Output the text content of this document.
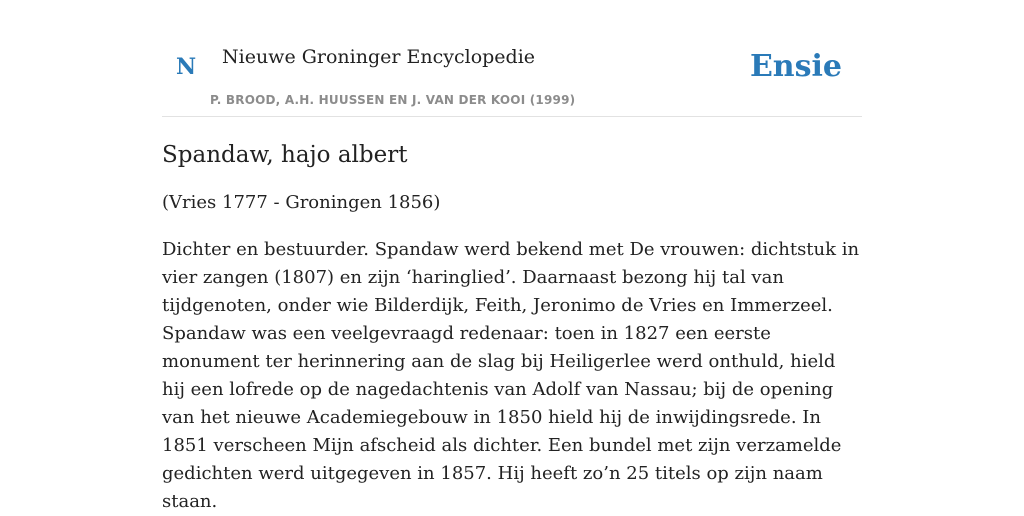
N Nieuwe Groninger Encyclopedie
P. BROOD, A.H. HUUSSEN EN J. VAN DER KOOI (1999)
Ensie
Spandaw, hajo albert

(Vries 1777 - Groningen 1856)

Dichter en bestuurder. Spandaw werd bekend met De vrouwen: dichtstuk in vier zangen (1807) en zijn ‘haringlied’. Daarnaast bezong hij tal van tijdgenoten, onder wie Bilderdijk, Feith, Jeronimo de Vries en Immerzeel. Spandaw was een veelgevraagd redenaar: toen in 1827 een eerste monument ter herinnering aan de slag bij Heiligerlee werd onthuld, hield hij een lofrede op de nagedachtenis van Adolf van Nassau; bij de opening van het nieuwe Academiegebouw in 1850 hield hij de inwijdingsrede. In 1851 verscheen Mijn afscheid als dichter. Een bundel met zijn verzamelde gedichten werd uitgegeven in 1857. Hij heeft zo’n 25 titels op zijn naam staan.
